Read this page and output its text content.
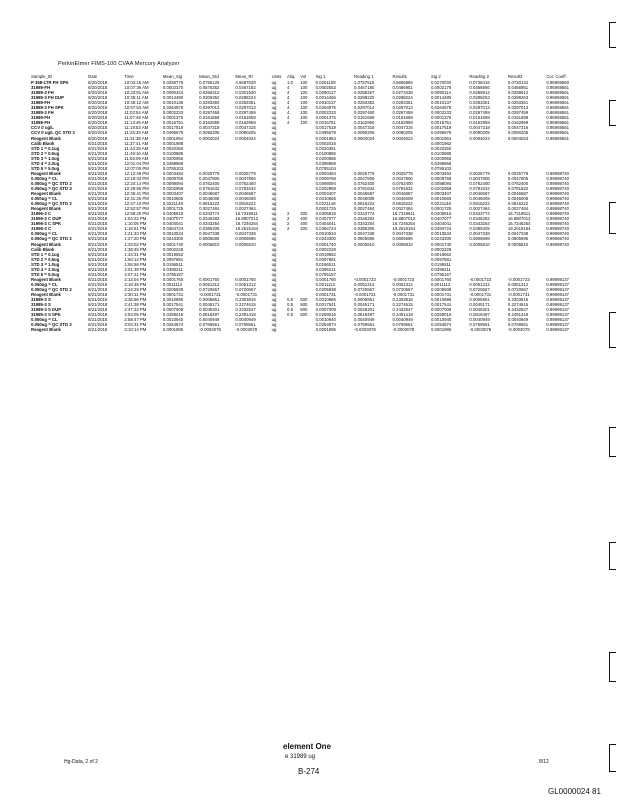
PerkinElmer FIMS-100 CVAA Mercury Analyzer
Sample_ID	Date	Time	Mean_Sig	Mean_Std	Mean_Rr	Units	Aliq.	Vol	Sig 1	Reading 1	Result1	Sig 2	Reading 2	Result2	Cor. Coeff.
P 368-LTR FH SPK	8/20/2018	10:03:15 AM	0.0255775	0.0756125	4.6687028	ug	1.0	100	0.0251108	1.0757515	4.6686985	0.0270032	0.0738416	0.0720142	0.96959560
31989-FH	8/20/2018	10:07:36 AM	0.0002370	0.0576352	0.0467182	ug	4	100	0.0002553	0.0467180	0.0466951	0.0002176	0.0466956	0.0466951	0.96959561
31989-3 FH	8/20/2018	10:23:51 AM	0.0090324	0.0266312	0.0301530	ug	4	100	0.0090127	0.0288267	0.0273436	0.0090114	0.0289912	0.0289912	0.96959561
31989-3 FH DUP	8/20/2018	10:35:11 AM	0.0014480	0.0306352	0.0288224	ug	4	100	0.0014466	0.0288225	0.0288224	0.0014485	0.0288263	0.0288263	0.96959561
31989-FH	8/20/2018	10:46:12 AM	0.0010135	0.0283350	0.0283351	ug	4	100	0.0010137	0.0283352	0.0283351	0.0010137	0.0283351	0.0283351	0.96959561
31989-3 FH SPK	8/20/2018	10:57:53 AM	0.0264975	0.0297013	0.0297013	ug	4	100	0.0264976	0.0297014	0.0297013	0.0264975	0.0297013	0.0297013	0.96959561
31989-3 FH	8/20/2018	11:03:54 AM	0.0002233	0.0297459	0.0297459	ug	4	100	0.0002233	0.0297460	0.0297459	0.0002233	0.0297459	0.0297459	0.96959561
31989-FH	8/20/2018	11:07:48 AM	0.0001375	0.0161658	0.0161658	ug	4	100	0.0001375	0.0161659	0.0161658	0.0001375	0.0161658	0.0161658	0.96959561
31989-FH	8/20/2018	11:13:45 AM	0.0015751	0.0162959	0.0162959	ug	4	100	0.0015751	0.0162960	0.0162959	0.0015751	0.0162959	0.0162959	0.96959561
CCV 0 ug/L	8/20/2018	11:19:53 AM	0.0017519	0.0047318	0.0047316	ug			0.0017519	0.0047318	0.0047316	0.0017519	0.0047318	0.0047316	0.96959561
CCV 0 ug/L QC STD 2	8/20/2018	11:25:33 AM	0.0495679	0.0090205	0.0090205	ug			0.0495679	0.0090206	0.0090205	0.0495679	0.0090205	0.0090205	0.96959561
Reagent Blank	8/20/2018	11:31:38 AM	0.0001954	0.0004024	0.0004024	ug			0.0001954	0.0004024	0.0004024	0.0001954	0.0004024	0.0004024	0.96959561
Calib Blank	8/21/2018	11:37:41 AM	0.0001988			ug			0.0002015			0.0001962			
STD 1 = 0.1ug	8/21/2018	11:43:29 AM	0.0020350			ug			0.0020351			0.0020350			
STD 2 = 0.5ug	8/21/2018	11:49:16 AM	0.0100885			ug			0.0100886			0.0100885			
STD 3 = 1.0ug	8/21/2018	11:55:09 AM	0.0200955			ug			0.0200956			0.0200955			
STD 4 = 2.0ug	8/21/2018	12:01:04 PM	0.0398968			ug			0.0398969			0.0398968			
STD 5 = 5.0ug	8/21/2018	12:07:00 PM	0.0785103			ug			0.0785104			0.0785103			
Reagent Blank	8/21/2018	12:12:49 PM	0.0003484	0.0025779	0.0025779	ug			0.0003484	0.0025779	0.0025779	0.0003484	0.0025779	0.0025779	0.99998740
0.050ug = CL	8/21/2018	12:18:33 PM	0.0009768	0.0047806	0.0047806	ug			0.0009768	0.0047806	0.0047806	0.0009768	0.0047806	0.0047806	0.99998740
0.050ug = QC STD 2	8/21/2018	12:24:14 PM	0.0098094	0.0762400	0.0762400	ug			0.0098094	0.0762400	0.0762400	0.0098094	0.0762400	0.0762400	0.99998740
0.050ug = QC STD 3	8/21/2018	12:29:56 PM	0.0202958	0.0781632	0.0781632	ug			0.0202958	0.0781632	0.0781632	0.0202958	0.0781632	0.0781632	0.99998740
Reagent Blank	8/21/2018	12:35:41 PM	0.0003407	0.0046587	0.0046587	ug			0.0003407	0.0046587	0.0046587	0.0003407	0.0046587	0.0046587	0.99998740
0.050ug = CL	8/21/2018	12:41:26 PM	0.0010665	0.0046008	0.0046008	ug			0.0010665	0.0046008	0.0046008	0.0010665	0.0046008	0.0046008	0.99998740
0.050ug = QC STD 2	8/21/2018	12:47:10 PM	0.0221148	0.0816222	0.0816222	ug			0.0221148	0.0816222	0.0816222	0.0221148	0.0816222	0.0816222	0.99998740
Reagent Blank	8/21/2018	12:52:57 PM	0.0001725	0.0027484	0.0027484	ug			0.0001725	0.0027484	0.0027484	0.0001725	0.0027484	0.0027484	0.99998740
31996-3 C	8/21/2018	12:58:40 PM	0.0405815	0.0343774	16.7319611	ug	2	400	0.0405815	0.0343774	16.7319611	0.0405815	0.0343774	16.7319611	0.99998740
31996-3 C DUP	8/21/2018	1:04:22 PM	0.0407077	0.0346282	16.8807012	ug	2	400	0.0407077	0.0346282	16.8807012	0.0407077	0.0346282	16.8807012	0.99998740
31996-3 C SPK	8/21/2018	1:10:05 PM	0.0404041	0.0343254	16.7246254	ug	2	400	0.0404041	0.0343254	16.7246254	0.0404041	0.0343254	16.7246254	0.99998740
31996-3 C	8/21/2018	1:15:51 PM	0.0384724	0.0385305	19.2615154	ug	2	400	0.0384724	0.0385305	19.2615154	0.0384724	0.0385305	19.2615154	0.99998740
0.050ug = CL	8/21/2018	1:21:33 PM	0.0010534	0.0047338	0.0047338	ug			0.0010534	0.0047338	0.0047338	0.0010534	0.0047338	0.0047338	0.99998740
0.050ug = QC STD 2	8/21/2018	1:27:20 PM	0.0243300	0.0805696	0.0805696	ug			0.0243300	0.0805696	0.0805696	0.0243300	0.0805696	0.0805696	0.99998740
Reagent Blank	8/21/2018	1:33:02 PM	0.0001740	0.0005810	0.0005810	ug			0.0001740	0.0005810	0.0005810	0.0001740	0.0005810	0.0005810	0.99998740
Calib Blank	8/21/2018	1:38:45 PM	0.0002228			ug			0.0002228			0.0002228			
STD 1 = 0.1ug	8/21/2018	1:44:31 PM	0.0019652			ug			0.0019652			0.0019652			
STD 2 = 0.5ug	8/21/2018	1:50:12 PM	0.0097881			ug			0.0097881			0.0097881			
STD 3 = 1.0ug	8/21/2018	1:55:58 PM	0.0196511			ug			0.0196511			0.0196511			
STD 4 = 2.0ug	8/21/2018	2:01:39 PM	0.0395211			ug			0.0395211			0.0395211			
STD 5 = 5.0ug	8/21/2018	2:07:21 PM	0.0795157			ug			0.0795157			0.0795157			
Reagent Blank	8/21/2018	2:13:04 PM	0.0001760	0.0001760	0.0001760	ug			0.0001760	-0.0001723	-0.0001723	0.0001760	-0.0001723	-0.0001723	0.99999137
0.050ug = CL	8/21/2018	2:18:45 PM	0.0011112	0.0051312	0.0051312	ug			0.0011112	0.0051312	0.0051312	0.0011112	0.0051312	0.0051312	0.99999137
0.050ug = QC STD 2	8/21/2018	2:24:29 PM	0.0205938	0.0720667	0.0720667	ug			0.0205938	0.0720667	0.0720667	0.0205938	0.0720667	0.0720667	0.99999137
Reagent Blank	8/21/2018	2:30:11 PM	0.0001731	-0.0001731	-0.0001731	ug			0.0001731	-0.0001731	-0.0001731	0.0001731	-0.0001731	-0.0001731	0.99999137
31989-3 S	8/21/2018	2:35:56 PM	0.0010886	0.0005861	0.2303816	ug	0.5	500	0.0010886	0.0005861	0.2303816	0.0010886	0.0005861	0.2303816	0.99999137
31989-3 S	8/21/2018	2:41:38 PM	0.0017541	0.0045171	0.2274615	ug	0.5	500	0.0017541	0.0045171	0.2274615	0.0017541	0.0045171	0.2274615	0.99999137
31989-3 S DUP	8/21/2018	2:47:22 PM	0.0007009	0.0048301	0.2432547	ug	0.5	500	0.0007009	0.0048301	0.2432547	0.0007009	0.0048301	0.2432547	0.99999137
31989-3 S SPK	8/21/2018	2:53:05 PM	0.0259016	0.0818497	0.2491418	ug	0.5	500	0.0259016	0.0818497	0.2491418	0.0259016	0.0818497	0.2491418	0.99999137
0.050ug = CL	8/21/2018	2:58:47 PM	0.0010940	0.0040949	0.0040949	ug			0.0010940	0.0040949	0.0040949	0.0010940	0.0040949	0.0040949	0.99999137
0.050ug = QC STD 2	8/21/2018	3:04:31 PM	0.0254874	0.0769561	0.0769561	ug			0.0254874	0.0769561	0.0769561	0.0254874	0.0769561	0.0769561	0.99999137
Reagent Blank	8/21/2018	3:10:14 PM	0.0001995	-0.0003078	-0.0003078	ug			0.0001995	-0.0003078	-0.0003078	0.0001995	-0.0003078	-0.0003078	0.99999137
Hg-Data, 2 of 2
element One
e 31989 ug
B-274
8/12
GL0000024 81
